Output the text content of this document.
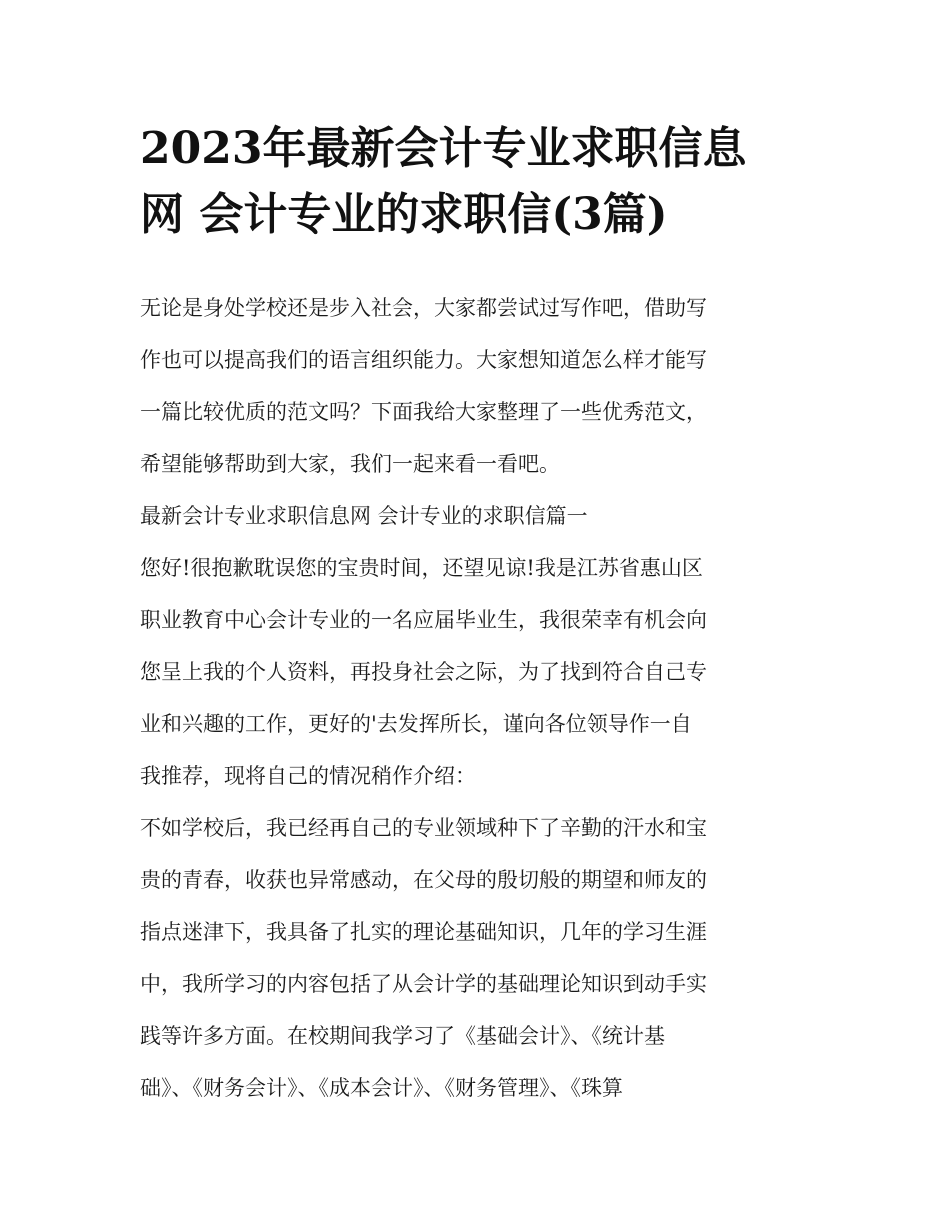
2023年最新会计专业求职信息
网 会计专业的求职信(3篇)
无论是身处学校还是步入社会，大家都尝试过写作吧，借助写
作也可以提高我们的语言组织能力。大家想知道怎么样才能写
一篇比较优质的范文吗？下面我给大家整理了一些优秀范文，
希望能够帮助到大家，我们一起来看一看吧。
最新会计专业求职信息网 会计专业的求职信篇一
您好!很抱歉耽误您的宝贵时间，还望见谅!我是江苏省惠山区
职业教育中心会计专业的一名应届毕业生，我很荣幸有机会向
您呈上我的个人资料，再投身社会之际，为了找到符合自己专
业和兴趣的工作，更好的'去发挥所长，谨向各位领导作一自
我推荐，现将自己的情况稍作介绍：
不如学校后，我已经再自己的专业领域种下了辛勤的汗水和宝
贵的青春，收获也异常感动，在父母的殷切般的期望和师友的
指点迷津下，我具备了扎实的理论基础知识，几年的学习生涯
中，我所学习的内容包括了从会计学的基础理论知识到动手实
践等许多方面。在校期间我学习了《基础会计》、《统计基
础》、《财务会计》、《成本会计》、《财务管理》、《珠算
